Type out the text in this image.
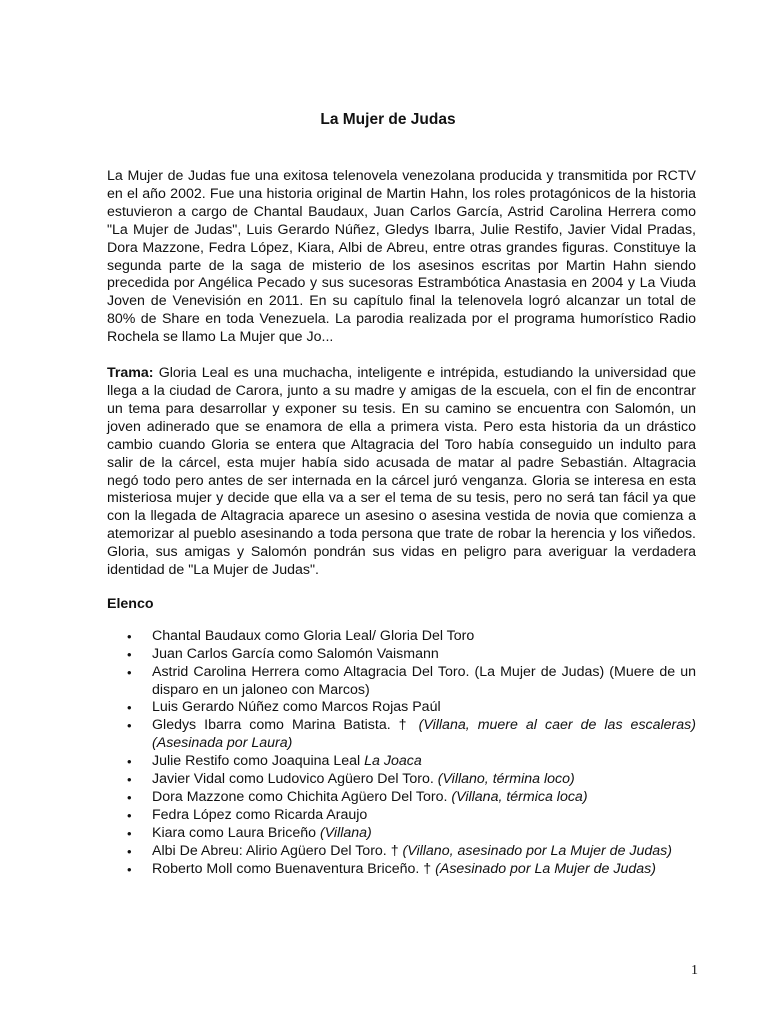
La Mujer de Judas

La Mujer de Judas fue una exitosa telenovela venezolana producida y transmitida por RCTV en el año 2002. Fue una historia original de Martin Hahn, los roles protagónicos de la historia estuvieron a cargo de Chantal Baudaux, Juan Carlos García, Astrid Carolina Herrera como "La Mujer de Judas", Luis Gerardo Núñez, Gledys Ibarra, Julie Restifo, Javier Vidal Pradas, Dora Mazzone, Fedra López, Kiara, Albi de Abreu, entre otras grandes figuras. Constituye la segunda parte de la saga de misterio de los asesinos escritas por Martin Hahn siendo precedida por Angélica Pecado y sus sucesoras Estrambótica Anastasia en 2004 y La Viuda Joven de Venevisión en 2011. En su capítulo final la telenovela logró alcanzar un total de 80% de Share en toda Venezuela. La parodia realizada por el programa humorístico Radio Rochela se llamo La Mujer que Jo...

Trama: Gloria Leal es una muchacha, inteligente e intrépida, estudiando la universidad que llega a la ciudad de Carora, junto a su madre y amigas de la escuela, con el fin de encontrar un tema para desarrollar y exponer su tesis. En su camino se encuentra con Salomón, un joven adinerado que se enamora de ella a primera vista. Pero esta historia da un drástico cambio cuando Gloria se entera que Altagracia del Toro había conseguido un indulto para salir de la cárcel, esta mujer había sido acusada de matar al padre Sebastián. Altagracia negó todo pero antes de ser internada en la cárcel juró venganza. Gloria se interesa en esta misteriosa mujer y decide que ella va a ser el tema de su tesis, pero no será tan fácil ya que con la llegada de Altagracia aparece un asesino o asesina vestida de novia que comienza a atemorizar al pueblo asesinando a toda persona que trate de robar la herencia y los viñedos. Gloria, sus amigas y Salomón pondrán sus vidas en peligro para averiguar la verdadera identidad de "La Mujer de Judas".

Elenco

• Chantal Baudaux como Gloria Leal/ Gloria Del Toro
• Juan Carlos García como Salomón Vaismann
• Astrid Carolina Herrera como Altagracia Del Toro. (La Mujer de Judas) (Muere de un disparo en un jaloneo con Marcos)
• Luis Gerardo Núñez como Marcos Rojas Paúl
• Gledys Ibarra como Marina Batista. † (Villana, muere al caer de las escaleras) (Asesinada por Laura)
• Julie Restifo como Joaquina Leal La Joaca
• Javier Vidal como Ludovico Agüero Del Toro. (Villano, términa loco)
• Dora Mazzone como Chichita Agüero Del Toro. (Villana, térmica loca)
• Fedra López como Ricarda Araujo
• Kiara como Laura Briceño (Villana)
• Albi De Abreu: Alirio Agüero Del Toro. † (Villano, asesinado por La Mujer de Judas)
• Roberto Moll como Buenaventura Briceño. † (Asesinado por La Mujer de Judas)
1
